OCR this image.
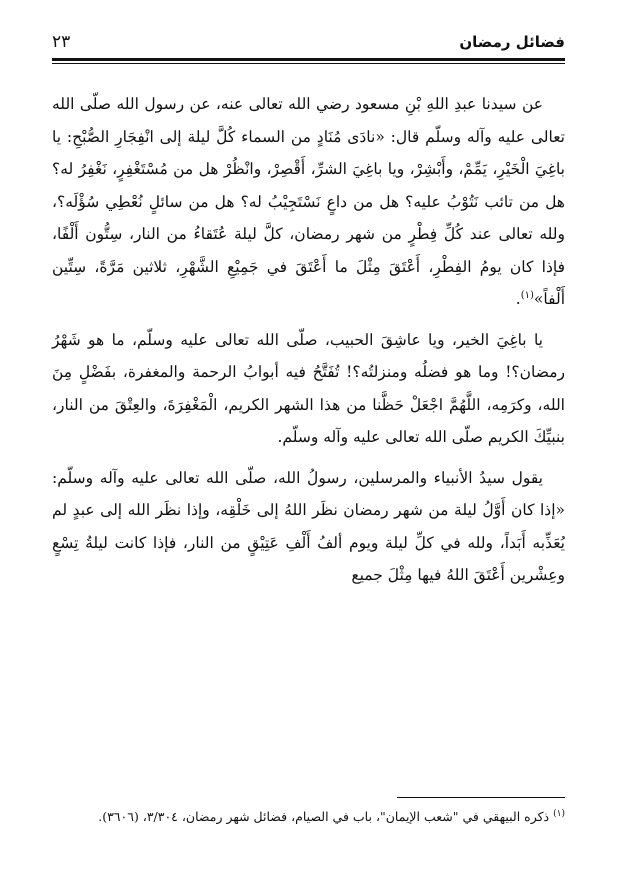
فضائل رمضان
٢٣

عن سيدنا عبدِ اللهِ بْنِ مسعود رضي الله تعالى عنه، عن رسول الله صلّى الله تعالى عليه وآله وسلّم قال: «نادَى مُنَادٍ من السماء كُلَّ ليلة إلى انْفِجَارِ الصُّبْحِ: يا باغِيَ الْخَيْرِ، يَمِّمْ، وأَبْشِرْ، ويا باغِيَ الشرِّ، أَقْصِرْ، وانْظُرْ هل من مُسْتَغْفِرٍ، نَغْفِرُ له؟ هل من تائب نَتُوْبُ عليه؟ هل من داعٍ نَسْتَجِيْبُ له؟ هل من سائلٍ نُعْطِي سُؤْلَه؟، ولله تعالى عند كُلِّ فِطْرٍ من شهر رمضان، كلَّ ليلة عُتَقاءُ من النار، سِتُّون أَلْفًا، فإذا كان يومُ الفِطْرِ، أَعْتَقَ مِثْلَ ما أَعْتَقَ في جَمِيْعِ الشَّهْرِ، ثلاثين مَرَّةً، سِتِّين أَلْفاً»$^{(١)}$.

يا باغِيَ الخير، ويا عاشِقَ الحبيب، صلّى الله تعالى عليه وسلّم، ما هو شَهْرُ رمضان؟! وما هو فضلُه ومنزلتُه؟! تُفَتَّحُ فيه أبوابُ الرحمة والمغفرة، بفَضْلٍ مِنَ الله، وكرَمِه، اللَّهُمَّ اجْعَلْ حَظَّنا من هذا الشهر الكريم، الْمَغْفِرَةَ، والعِتْقَ من النار، بنبيِّكَ الكريم صلّى الله تعالى عليه وآله وسلّم.

يقول سيدُ الأنبياء والمرسلين، رسولُ الله، صلّى الله تعالى عليه وآله وسلّم: «إذا كان أَوَّلُ ليلة من شهر رمضان نظَر اللهُ إلى خَلْقِه، وإذا نظَر الله إلى عبدٍ لم يُعَذِّبه أَبَداً، ولله في كلِّ ليلة ويوم ألفُ أَلْفِ عَتِيْقٍ من النار، فإذا كانت ليلةُ تِسْعٍ وعِشْرين أَعْتَقَ اللهُ فيها مِثْلَ جميع

$^{(١)}$ ذكره البيهقي في "شعب الإيمان"، باب في الصيام، فضائل شهر رمضان، ٣/٣٠٤، (٣٦٠٦).
